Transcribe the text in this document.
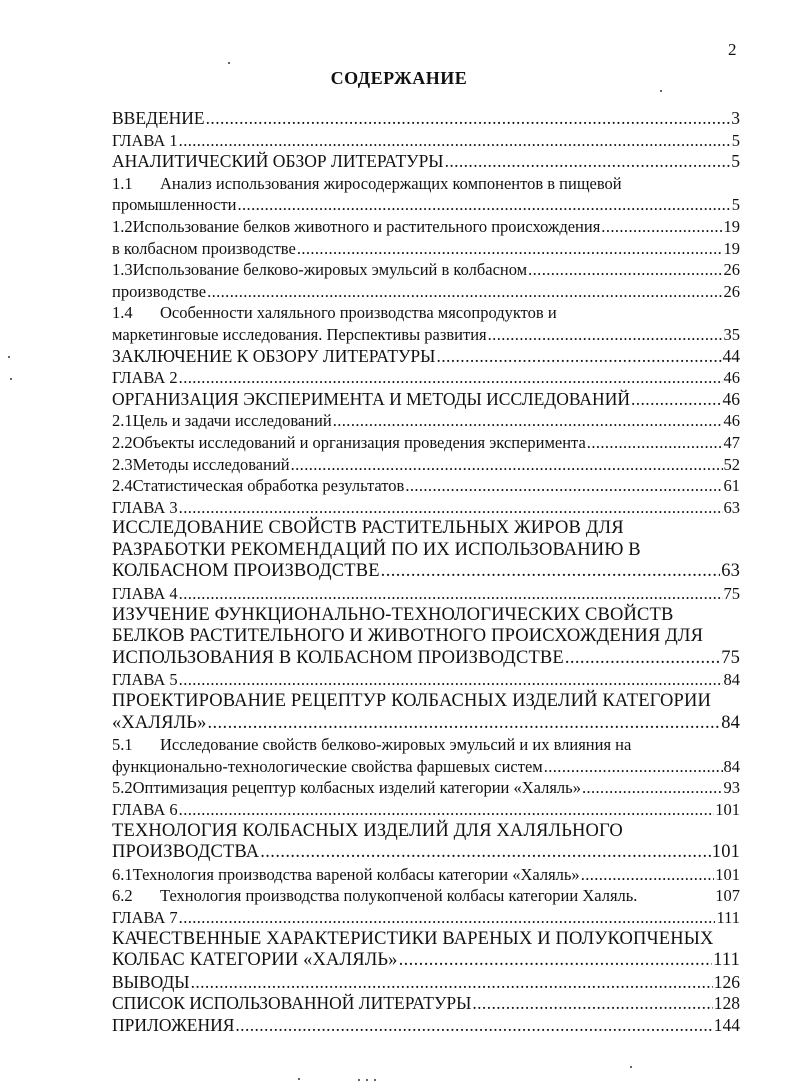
2
СОДЕРЖАНИЕ
ВВЕДЕНИЕ .....	3
ГЛАВА 1 .....	5
АНАЛИТИЧЕСКИЙ ОБЗОР ЛИТЕРАТУРЫ .....	5
1.1	Анализ использования жиросодержащих компонентов в пищевой
промышленности .....	5
1.2 Использование белков животного и растительного происхождения .....	19
в колбасном производстве .....	19
1.3 Использование белково-жировых эмульсий в колбасном .....	26
производстве .....	26
1.4	Особенности халяльного производства мясопродуктов и
маркетинговые исследования. Перспективы развития .....	35
ЗАКЛЮЧЕНИЕ К ОБЗОРУ ЛИТЕРАТУРЫ .....	44
ГЛАВА 2 .....	46
ОРГАНИЗАЦИЯ ЭКСПЕРИМЕНТА И МЕТОДЫ ИССЛЕДОВАНИЙ .....	46
2.1 Цель и задачи исследований .....	46
2.2 Объекты исследований и организация проведения эксперимента .....	47
2.3 Методы исследований .....	52
2.4 Статистическая обработка результатов .....	61
ГЛАВА 3 .....	63
ИССЛЕДОВАНИЕ СВОЙСТВ РАСТИТЕЛЬНЫХ ЖИРОВ ДЛЯ
РАЗРАБОТКИ РЕКОМЕНДАЦИЙ ПО ИХ ИСПОЛЬЗОВАНИЮ В
КОЛБАСНОМ ПРОИЗВОДСТВЕ .....	63
ГЛАВА 4 .....	75
ИЗУЧЕНИЕ ФУНКЦИОНАЛЬНО-ТЕХНОЛОГИЧЕСКИХ СВОЙСТВ
БЕЛКОВ РАСТИТЕЛЬНОГО И ЖИВОТНОГО ПРОИСХОЖДЕНИЯ ДЛЯ
ИСПОЛЬЗОВАНИЯ В КОЛБАСНОМ ПРОИЗВОДСТВЕ .....	75
ГЛАВА 5 .....	84
ПРОЕКТИРОВАНИЕ РЕЦЕПТУР КОЛБАСНЫХ ИЗДЕЛИЙ КАТЕГОРИИ
«ХАЛЯЛЬ» .....	84
5.1	Исследование свойств белково-жировых эмульсий и их влияния на
функционально-технологические свойства фаршевых систем .....	84
5.2 Оптимизация рецептур колбасных изделий категории «Халяль» .....	93
ГЛАВА 6 .....	101
ТЕХНОЛОГИЯ КОЛБАСНЫХ ИЗДЕЛИЙ ДЛЯ ХАЛЯЛЬНОГО
ПРОИЗВОДСТВА .....	101
6.1 Технология производства вареной колбасы категории «Халяль» .....	101
6.2	Технология производства полукопченой колбасы категории Халяль.	107
ГЛАВА 7 .....	111
КАЧЕСТВЕННЫЕ ХАРАКТЕРИСТИКИ ВАРЕНЫХ И ПОЛУКОПЧЕНЫХ
КОЛБАС КАТЕГОРИИ «ХАЛЯЛЬ» .....	111
ВЫВОДЫ .....	126
СПИСОК ИСПОЛЬЗОВАННОЙ ЛИТЕРАТУРЫ .....	128
ПРИЛОЖЕНИЯ .....	144
